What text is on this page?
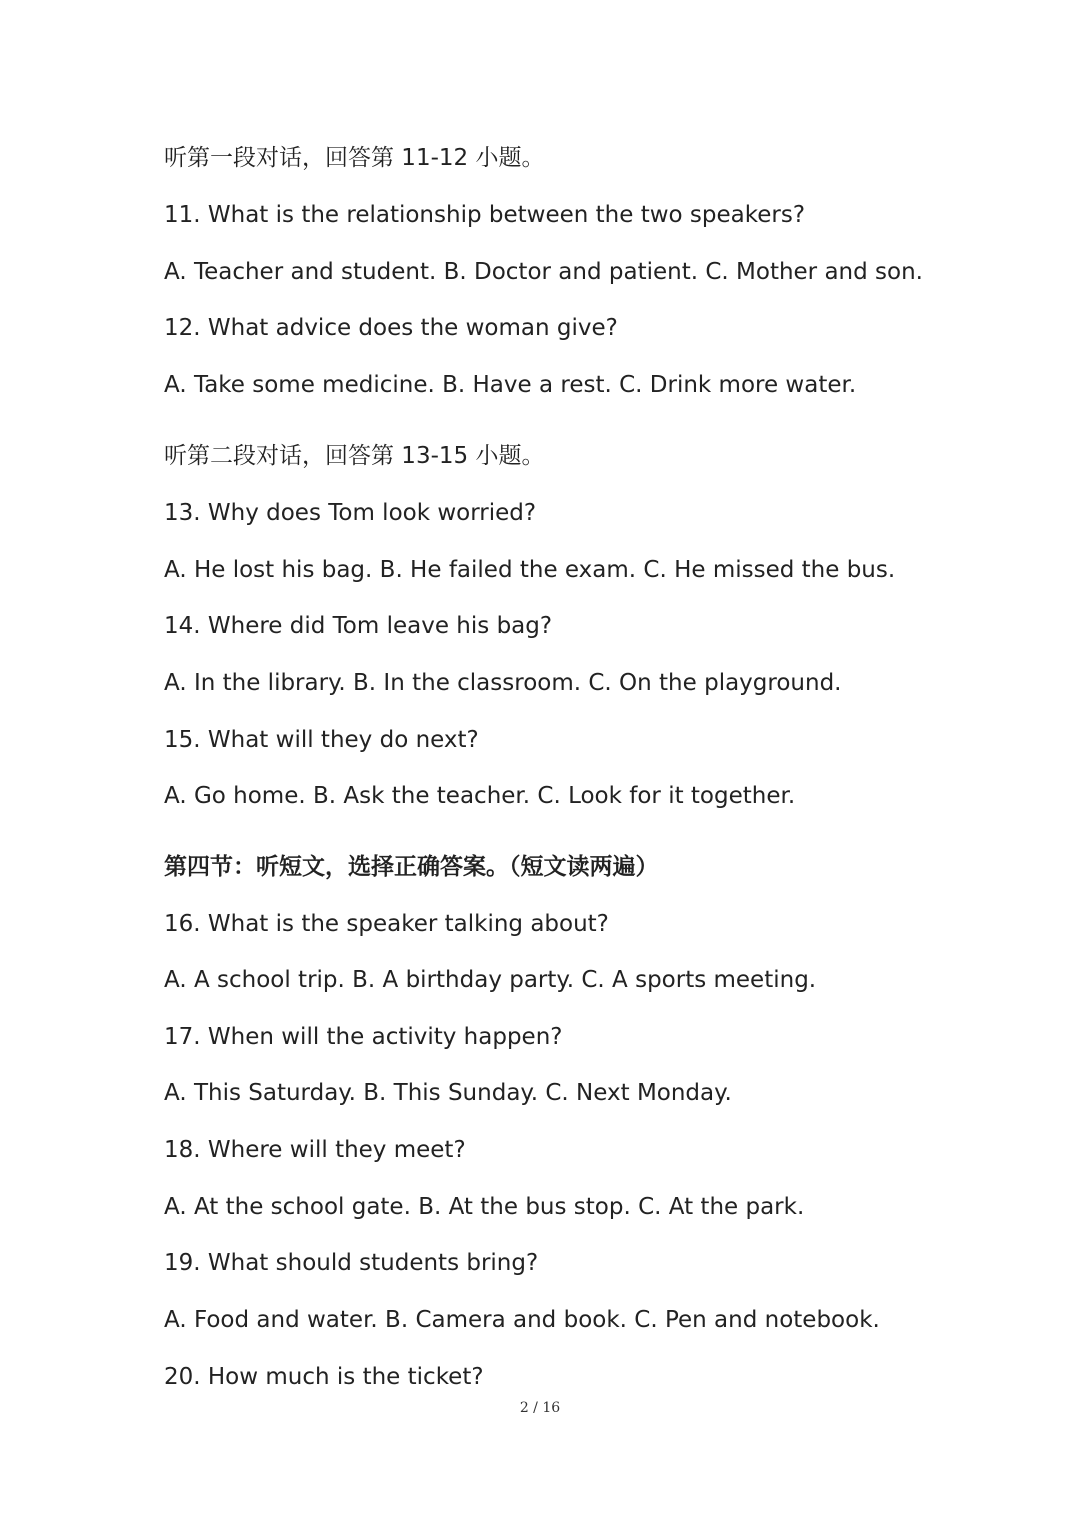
听第一段对话，回答第 11-12 小题。
11. What is the relationship between the two speakers?
A. Teacher and student. B. Doctor and patient. C. Mother and son.
12. What advice does the woman give?
A. Take some medicine. B. Have a rest. C. Drink more water.
听第二段对话，回答第 13-15 小题。
13. Why does Tom look worried?
A. He lost his bag. B. He failed the exam. C. He missed the bus.
14. Where did Tom leave his bag?
A. In the library. B. In the classroom. C. On the playground.
15. What will they do next?
A. Go home. B. Ask the teacher. C. Look for it together.
第四节：听短文，选择正确答案。（短文读两遍）
16. What is the speaker talking about?
A. A school trip. B. A birthday party. C. A sports meeting.
17. When will the activity happen?
A. This Saturday. B. This Sunday. C. Next Monday.
18. Where will they meet?
A. At the school gate. B. At the bus stop. C. At the park.
19. What should students bring?
A. Food and water. B. Camera and book. C. Pen and notebook.
20. How much is the ticket?
2 / 16
